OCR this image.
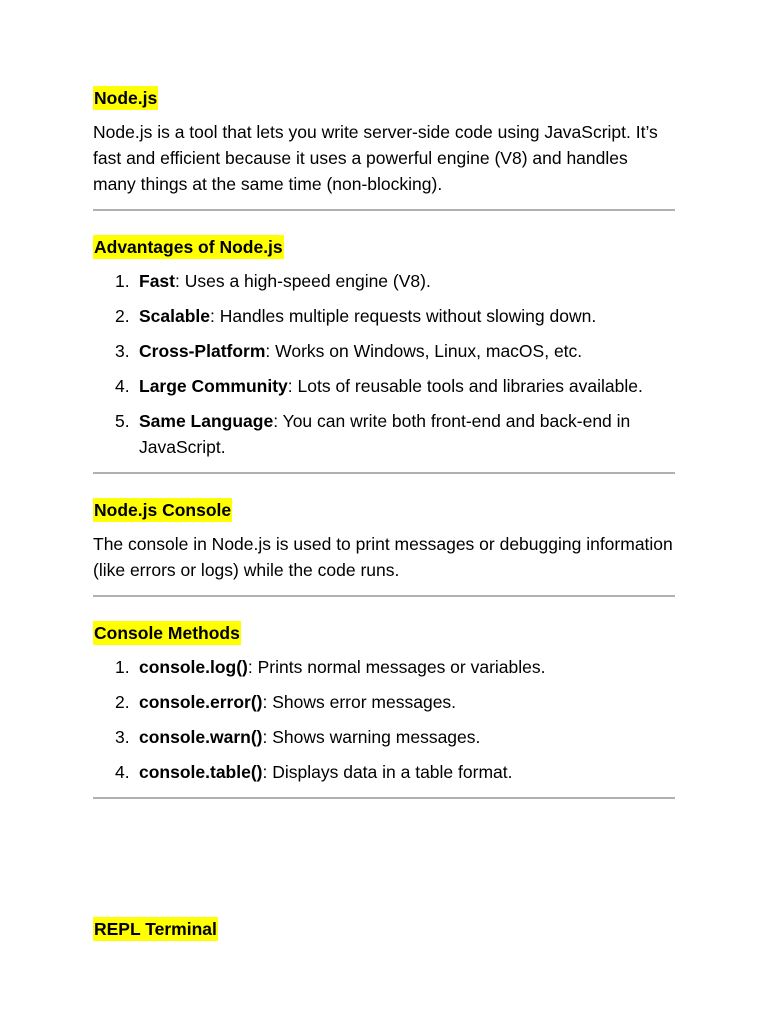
Node.js

Node.js is a tool that lets you write server-side code using JavaScript. It’s fast and efficient because it uses a powerful engine (V8) and handles many things at the same time (non-blocking).

Advantages of Node.js
1. Fast: Uses a high-speed engine (V8).
2. Scalable: Handles multiple requests without slowing down.
3. Cross-Platform: Works on Windows, Linux, macOS, etc.
4. Large Community: Lots of reusable tools and libraries available.
5. Same Language: You can write both front-end and back-end in JavaScript.
Node.js Console

The console in Node.js is used to print messages or debugging information (like errors or logs) while the code runs.

Console Methods
1. console.log(): Prints normal messages or variables.
2. console.error(): Shows error messages.
3. console.warn(): Shows warning messages.
4. console.table(): Displays data in a table format.
REPL Terminal
